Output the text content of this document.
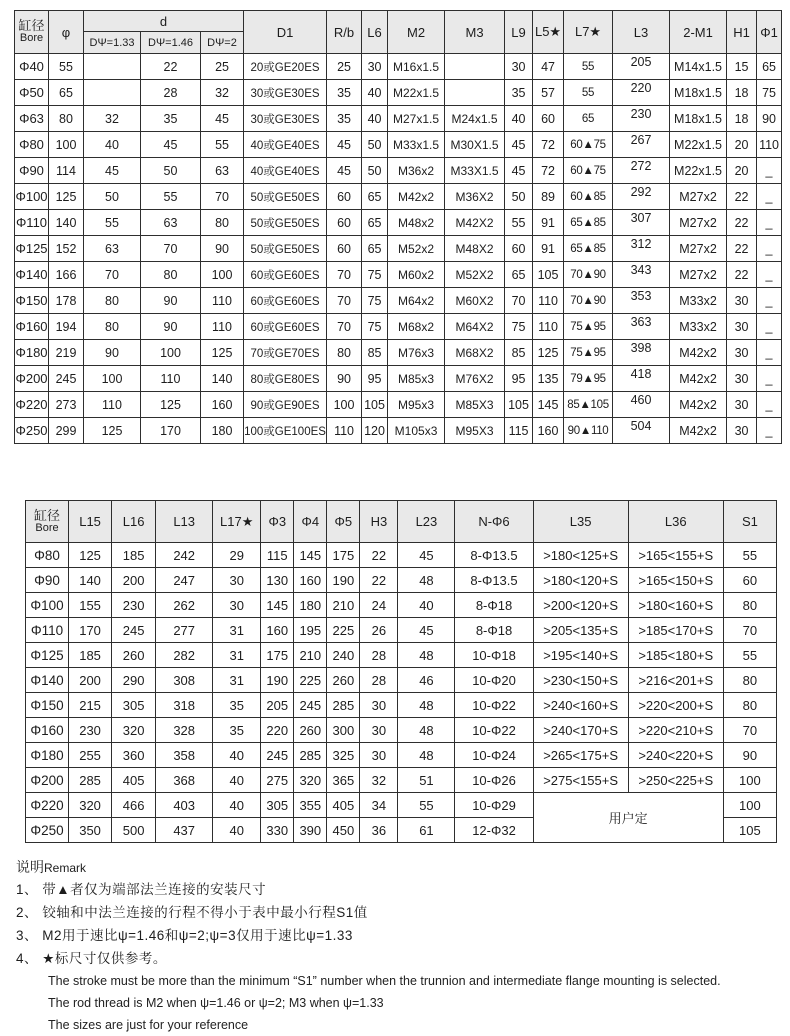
缸径
Bore	φ	d			D1	R/b	L6	M2	M3	L9	L5★	L7★	L3	2-M1	H1	Φ1
		DΨ=1.33	DΨ=1.46	DΨ=2												
Φ40	55		22	25	20或GE20ES	25	30	M16x1.5		30	47	55	205	M14x1.5	15	65
Φ50	65		28	32	30或GE30ES	35	40	M22x1.5		35	57	55	220	M18x1.5	18	75
Φ63	80	32	35	45	30或GE30ES	35	40	M27x1.5	M24x1.5	40	60	65	230	M18x1.5	18	90
Φ80	100	40	45	55	40或GE40ES	45	50	M33x1.5	M30X1.5	45	72	60▲75	267	M22x1.5	20	110
Φ90	114	45	50	63	40或GE40ES	45	50	M36x2	M33X1.5	45	72	60▲75	272	M22x1.5	20	_
Φ100	125	50	55	70	50或GE50ES	60	65	M42x2	M36X2	50	89	60▲85	292	M27x2	22	_
Φ110	140	55	63	80	50或GE50ES	60	65	M48x2	M42X2	55	91	65▲85	307	M27x2	22	_
Φ125	152	63	70	90	50或GE50ES	60	65	M52x2	M48X2	60	91	65▲85	312	M27x2	22	_
Φ140	166	70	80	100	60或GE60ES	70	75	M60x2	M52X2	65	105	70▲90	343	M27x2	22	_
Φ150	178	80	90	110	60或GE60ES	70	75	M64x2	M60X2	70	110	70▲90	353	M33x2	30	_
Φ160	194	80	90	110	60或GE60ES	70	75	M68x2	M64X2	75	110	75▲95	363	M33x2	30	_
Φ180	219	90	100	125	70或GE70ES	80	85	M76x3	M68X2	85	125	75▲95	398	M42x2	30	_
Φ200	245	100	110	140	80或GE80ES	90	95	M85x3	M76X2	95	135	79▲95	418	M42x2	30	_
Φ220	273	110	125	160	90或GE90ES	100	105	M95x3	M85X3	105	145	85▲105	460	M42x2	30	_
Φ250	299	125	170	180	100或GE100ES	110	120	M105x3	M95X3	115	160	90▲110	504	M42x2	30	_
缸径
Bore	L15	L16	L13	L17★	Φ3	Φ4	Φ5	H3	L23	N-Φ6	L35	L36	S1
Φ80	125	185	242	29	115	145	175	22	45	8-Φ13.5	>180<125+S	>165<155+S	55
Φ90	140	200	247	30	130	160	190	22	48	8-Φ13.5	>180<120+S	>165<150+S	60
Φ100	155	230	262	30	145	180	210	24	40	8-Φ18	>200<120+S	>180<160+S	80
Φ110	170	245	277	31	160	195	225	26	45	8-Φ18	>205<135+S	>185<170+S	70
Φ125	185	260	282	31	175	210	240	28	48	10-Φ18	>195<140+S	>185<180+S	55
Φ140	200	290	308	31	190	225	260	28	46	10-Φ20	>230<150+S	>216<201+S	80
Φ150	215	305	318	35	205	245	285	30	48	10-Φ22	>240<160+S	>220<200+S	80
Φ160	230	320	328	35	220	260	300	30	48	10-Φ22	>240<170+S	>220<210+S	70
Φ180	255	360	358	40	245	285	325	30	48	10-Φ24	>265<175+S	>240<220+S	90
Φ200	285	405	368	40	275	320	365	32	51	10-Φ26	>275<155+S	>250<225+S	100
Φ220	320	466	403	40	305	355	405	34	55	10-Φ29	用户定		100
Φ250	350	500	437	40	330	390	450	36	61	12-Φ32			105
说明Remark
1、 带▲者仅为端部法兰连接的安装尺寸
2、 铰轴和中法兰连接的行程不得小于表中最小行程S1值
3、 M2用于速比ψ=1.46和ψ=2;ψ=3仅用于速比ψ=1.33
4、 ★标尺寸仅供参考。
The stroke must be more than the minimum “S1” number when the trunnion and intermediate flange mounting is selected.
The rod thread is M2 when ψ=1.46 or ψ=2; M3 when ψ=1.33
The sizes are just for your reference
